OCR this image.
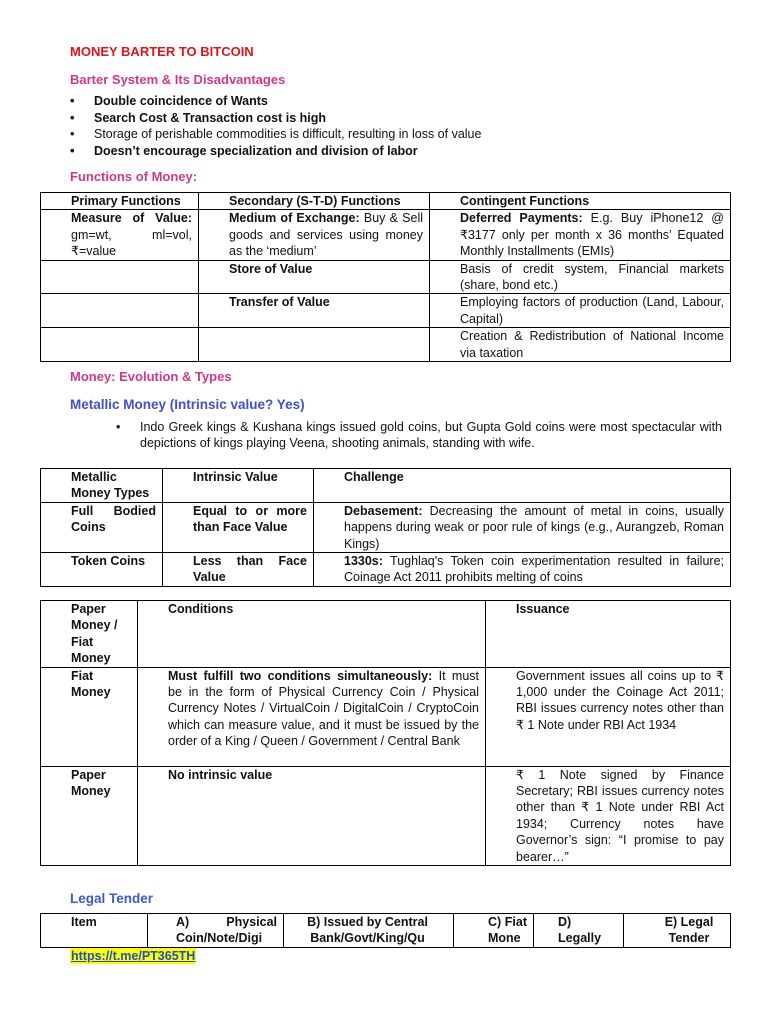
MONEY BARTER TO BITCOIN
Barter System & Its Disadvantages
• Double coincidence of Wants
• Search Cost & Transaction cost is high
• Storage of perishable commodities is difficult, resulting in loss of value
• Doesn’t encourage specialization and division of labor
Functions of Money:
Primary Functions	Secondary (S-T-D) Functions	Contingent Functions
Measure of Value: gm=wt, ml=vol, ₹=value	Medium of Exchange: Buy & Sell goods and services using money as the ‘medium’	Deferred Payments: E.g. Buy iPhone12 @ ₹3177 only per month x 36 months’ Equated Monthly Installments (EMIs)
	Store of Value	Basis of credit system, Financial markets (share, bond etc.)
	Transfer of Value	Employing factors of production (Land, Labour, Capital)
		Creation & Redistribution of National Income via taxation
Money: Evolution & Types
Metallic Money (Intrinsic value? Yes)
•	Indo Greek kings & Kushana kings issued gold coins, but Gupta Gold coins were most spectacular with depictions of kings playing Veena, shooting animals, standing with wife.
Metallic Money Types	Intrinsic Value	Challenge
Full Bodied Coins	Equal to or more than Face Value	Debasement: Decreasing the amount of metal in coins, usually happens during weak or poor rule of kings (e.g., Aurangzeb, Roman Kings)
Token Coins	Less than Face Value	1330s: Tughlaq's Token coin experimentation resulted in failure; Coinage Act 2011 prohibits melting of coins
Paper Money / Fiat Money	Conditions	Issuance
Fiat Money	Must fulfill two conditions simultaneously: It must be in the form of Physical Currency Coin / Physical Currency Notes / VirtualCoin / DigitalCoin / CryptoCoin which can measure value, and it must be issued by the order of a King / Queen / Government / Central Bank	Government issues all coins up to ₹ 1,000 under the Coinage Act 2011; RBI issues currency notes other than ₹ 1 Note under RBI Act 1934
Paper Money	No intrinsic value	₹ 1 Note signed by Finance Secretary; RBI issues currency notes other than ₹ 1 Note under RBI Act 1934; Currency notes have Governor’s sign: “I promise to pay bearer…”
Legal Tender
Item	A) Physical Coin/Note/Digi	B) Issued by Central Bank/Govt/King/Qu	C) Fiat Mone	D) Legally	E) Legal Tender
https://t.me/PT365TH
